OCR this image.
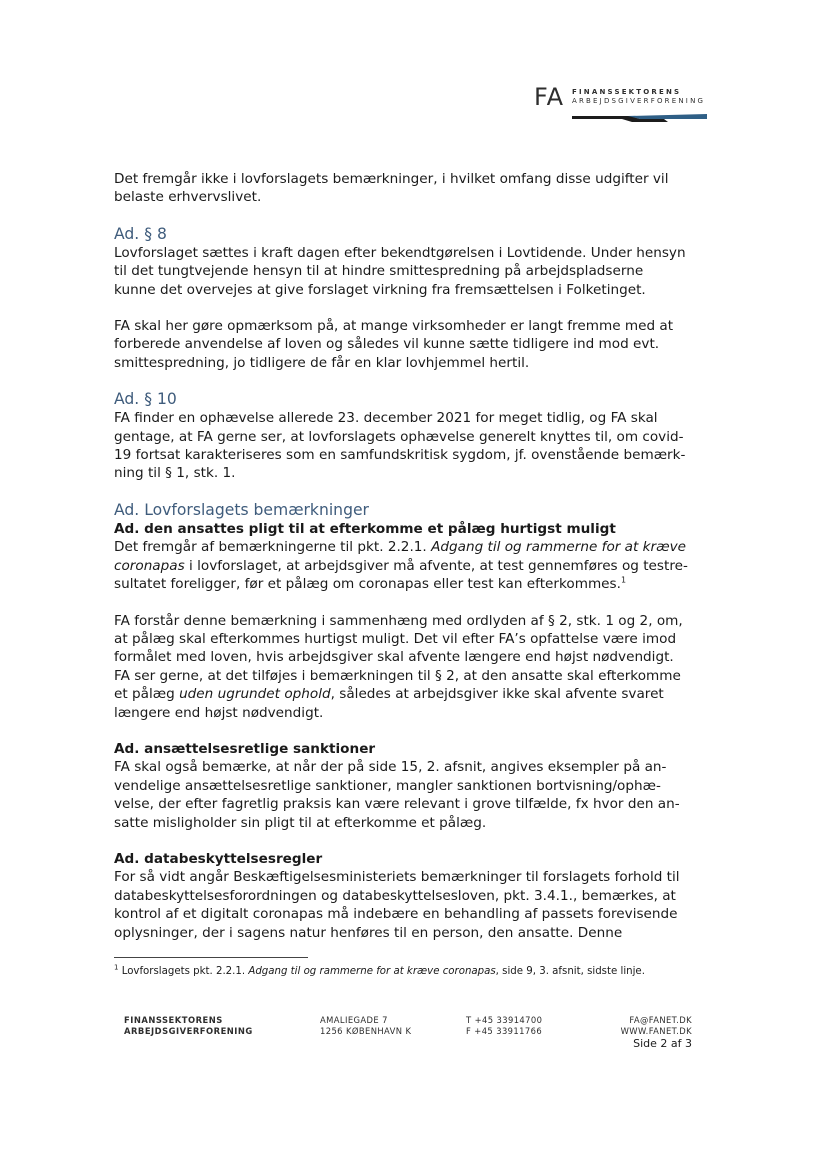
FA FINANSSEKTORENS
ARBEJDSGIVERFORENING

Det fremgår ikke i lovforslagets bemærkninger, i hvilket omfang disse udgifter vil belaste erhvervslivet.

Ad. § 8

Lovforslaget sættes i kraft dagen efter bekendtgørelsen i Lovtidende. Under hensyn til det tungtvejende hensyn til at hindre smittespredning på arbejdspladserne kunne det overvejes at give forslaget virkning fra fremsættelsen i Folketinget.

FA skal her gøre opmærksom på, at mange virksomheder er langt fremme med at forberede anvendelse af loven og således vil kunne sætte tidligere ind mod evt. smittespredning, jo tidligere de får en klar lovhjemmel hertil.

Ad. § 10

FA finder en ophævelse allerede 23. december 2021 for meget tidlig, og FA skal gentage, at FA gerne ser, at lovforslagets ophævelse generelt knyttes til, om covid-19 fortsat karakteriseres som en samfundskritisk sygdom, jf. ovenstående bemærk-ning til § 1, stk. 1.

Ad. Lovforslagets bemærkninger
Ad. den ansattes pligt til at efterkomme et pålæg hurtigst muligt

Det fremgår af bemærkningerne til pkt. 2.2.1. Adgang til og rammerne for at kræve coronapas i lovforslaget, at arbejdsgiver må afvente, at test gennemføres og testre-sultatet foreligger, før et pålæg om coronapas eller test kan efterkommes.$^1$

FA forstår denne bemærkning i sammenhæng med ordlyden af § 2, stk. 1 og 2, om, at pålæg skal efterkommes hurtigst muligt. Det vil efter FA’s opfattelse være imod formålet med loven, hvis arbejdsgiver skal afvente længere end højst nødvendigt. FA ser gerne, at det tilføjes i bemærkningen til § 2, at den ansatte skal efterkomme et pålæg uden ugrundet ophold, således at arbejdsgiver ikke skal afvente svaret længere end højst nødvendigt.

Ad. ansættelsesretlige sanktioner

FA skal også bemærke, at når der på side 15, 2. afsnit, angives eksempler på an-vendelige ansættelsesretlige sanktioner, mangler sanktionen bortvisning/ophæ-velse, der efter fagretlig praksis kan være relevant i grove tilfælde, fx hvor den an-satte misligholder sin pligt til at efterkomme et pålæg.

Ad. databeskyttelsesregler

For så vidt angår Beskæftigelsesministeriets bemærkninger til forslagets forhold til databeskyttelsesforordningen og databeskyttelsesloven, pkt. 3.4.1., bemærkes, at kontrol af et digitalt coronapas må indebære en behandling af passets forevisende oplysninger, der i sagens natur henføres til en person, den ansatte. Denne

$^1$ Lovforslagets pkt. 2.2.1. Adgang til og rammerne for at kræve coronapas, side 9, 3. afsnit, sidste linje.
FINANSSEKTORENS
ARBEJDSGIVERFORENING
AMALIEGADE 7
1256 KØBENHAVN K
T +45 33914700
F +45 33911766
FA@FANET.DK
WWW.FANET.DK
Side 2 af 3
